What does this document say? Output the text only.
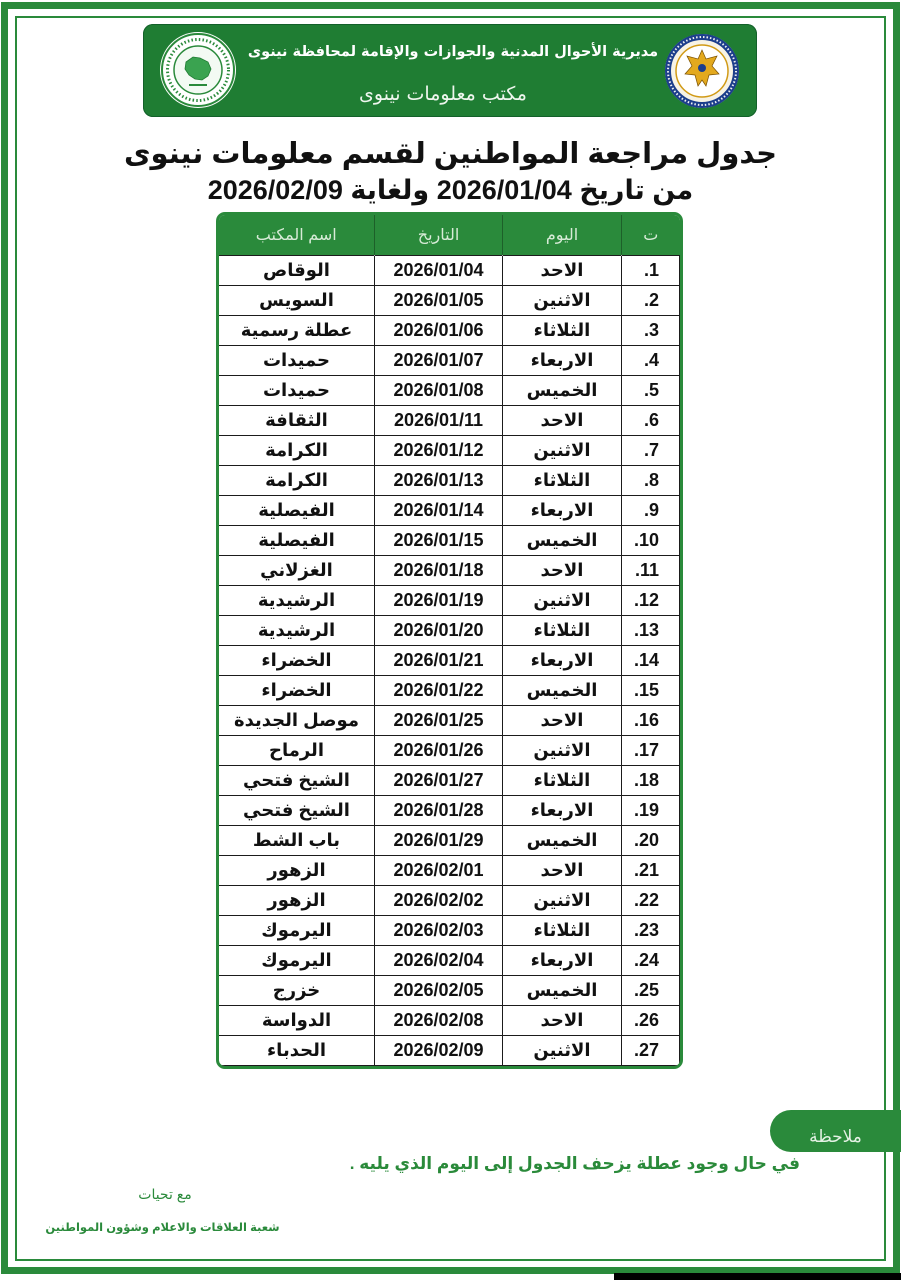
مديرية الأحوال المدنية والجوازات والإقامة لمحافظة نينوى
مكتب معلومات نينوى
جدول مراجعة المواطنين لقسم معلومات نينوى
من تاريخ 2026/01/04 ولغاية 2026/02/09
ت	اليوم	التاريخ	اسم المكتب
1.	الاحد	2026/01/04	الوقاص
2.	الاثنين	2026/01/05	السويس
3.	الثلاثاء	2026/01/06	عطلة رسمية
4.	الاربعاء	2026/01/07	حميدات
5.	الخميس	2026/01/08	حميدات
6.	الاحد	2026/01/11	الثقافة
7.	الاثنين	2026/01/12	الكرامة
8.	الثلاثاء	2026/01/13	الكرامة
9.	الاربعاء	2026/01/14	الفيصلية
10.	الخميس	2026/01/15	الفيصلية
11.	الاحد	2026/01/18	الغزلاني
12.	الاثنين	2026/01/19	الرشيدية
13.	الثلاثاء	2026/01/20	الرشيدية
14.	الاربعاء	2026/01/21	الخضراء
15.	الخميس	2026/01/22	الخضراء
16.	الاحد	2026/01/25	موصل الجديدة
17.	الاثنين	2026/01/26	الرماح
18.	الثلاثاء	2026/01/27	الشيخ فتحي
19.	الاربعاء	2026/01/28	الشيخ فتحي
20.	الخميس	2026/01/29	باب الشط
21.	الاحد	2026/02/01	الزهور
22.	الاثنين	2026/02/02	الزهور
23.	الثلاثاء	2026/02/03	اليرموك
24.	الاربعاء	2026/02/04	اليرموك
25.	الخميس	2026/02/05	خزرج
26.	الاحد	2026/02/08	الدواسة
27.	الاثنين	2026/02/09	الحدباء
ملاحظة
في حال وجود عطلة يزحف الجدول إلى اليوم الذي يليه .
مع تحيات
شعبة العلاقات والاعلام وشؤون المواطنين
